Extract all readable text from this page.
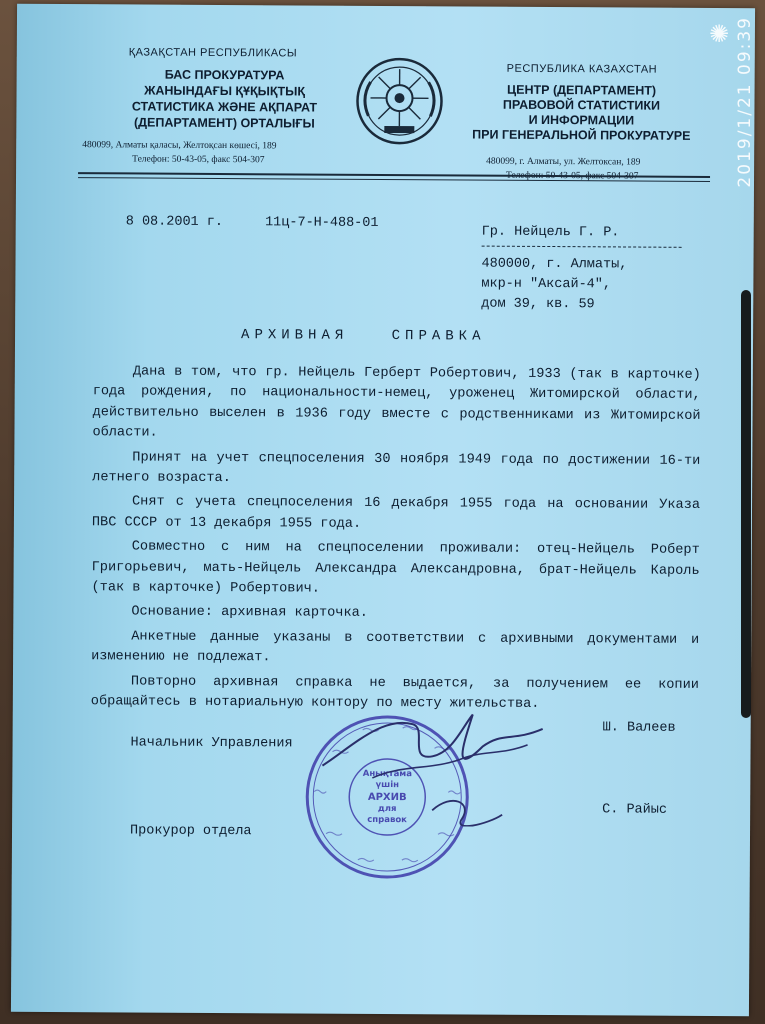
ҚАЗАҚСТАН РЕСПУБЛИКАСЫ
БАС ПРОКУРАТУРА
ЖАНЫНДАҒЫ ҚҰҚЫҚТЫҚ
СТАТИСТИКА ЖӘНЕ АҚПАРАТ
(ДЕПАРТАМЕНТ) ОРТАЛЫҒЫ
480099, Алматы қаласы, Желтоқсан көшесі, 189
Телефон: 50-43-05, факс 504-307
РЕСПУБЛИКА КАЗАХСТАН
ЦЕНТР (ДЕПАРТАМЕНТ)
ПРАВОВОЙ СТАТИСТИКИ
И ИНФОРМАЦИИ
ПРИ ГЕНЕРАЛЬНОЙ ПРОКУРАТУРЕ
480099, г. Алматы, ул. Желтоксан, 189
8 08.2001 г.	11ц-7-Н-488-01
Гр. Нейцель Г. Р.
480000, г. Алматы,
мкр-н "Аксай-4",
дом 39, кв. 59
АРХИВНАЯ СПРАВКА

Дана в том, что гр. Нейцель Герберт Робертович, 1933 (так в карточке) года рождения, по национальности-немец, уроженец Житомирской области, действительно выселен в 1936 году вместе с родственниками из Житомирской области.

Принят на учет спецпоселения 30 ноября 1949 года по достижении 16-ти летнего возраста.

Снят с учета спецпоселения 16 декабря 1955 года на основании Указа ПВС СССР от 13 декабря 1955 года.

Совместно с ним на спецпоселении проживали: отец-Нейцель Роберт Григорьевич, мать-Нейцель Александра Александровна, брат-Нейцель Кароль (так в карточке) Робертович.

Основание: архивная карточка.

Анкетные данные указаны в соответствии с архивными документами и изменению не подлежат.

Повторно архивная справка не выдается, за получением ее копии обращайтесь в нотариальную контору по месту жительства.

Начальник Управления
Ш. Валеев
Прокурор отдела
С. Райыс
Анықтама
үшін
АРХИВ
для
справок
✺ 2019/1/21 09:39
